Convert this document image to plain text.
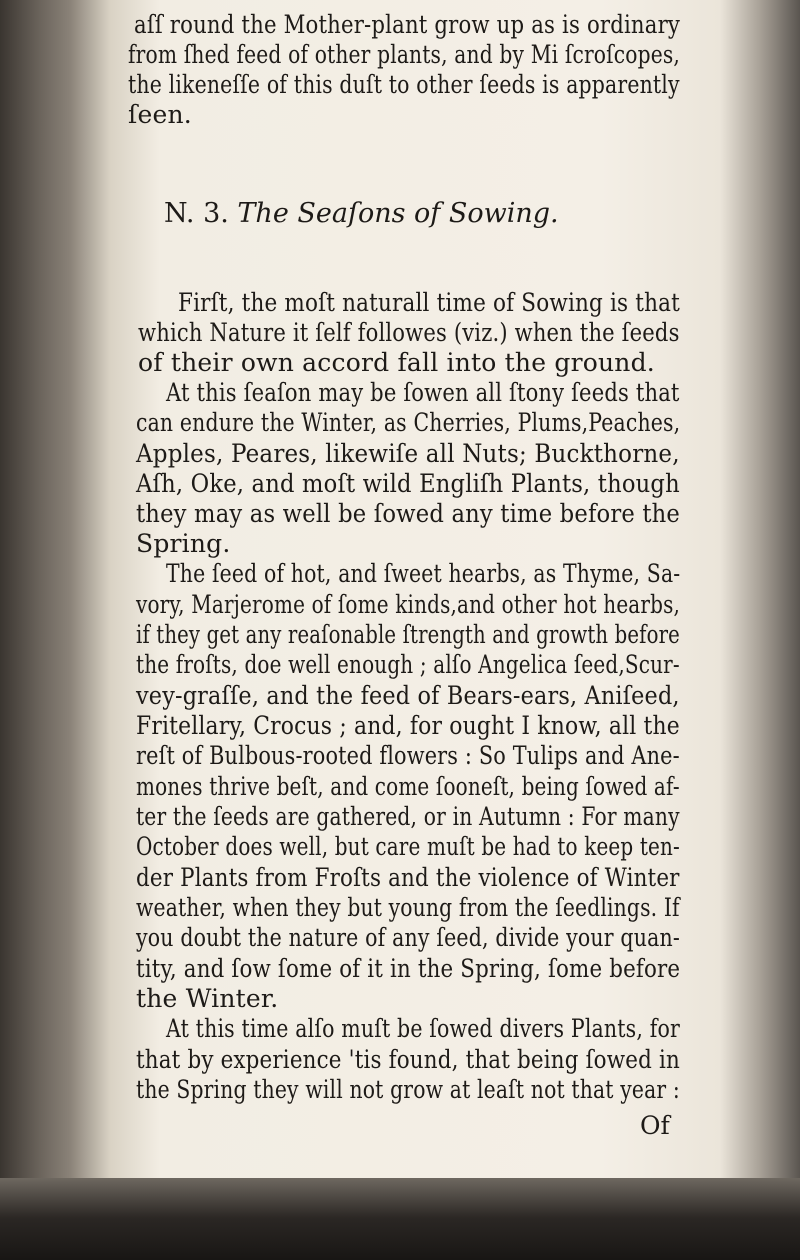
aſſ round the Mother-plant grow up as is ordinary
from ſhed feed of other plants, and by Mi ſcroſcopes,
the likeneſſe of this duſt to other ſeeds is apparently
ſeen.
N. 3. The Seaſons of Sowing.
Firſt, the moſt naturall time of Sowing is that
which Nature it ſelf followes (viz.) when the ſeeds
of their own accord fall into the ground.
At this ſeaſon may be ſowen all ſtony ſeeds that
can endure the Winter, as Cherries, Plums,Peaches,
Apples, Peares, likewiſe all Nuts; Buckthorne,
Aſh, Oke, and moſt wild Engliſh Plants, though
they may as well be ſowed any time before the
Spring.
The ſeed of hot, and ſweet hearbs, as Thyme, Sa-
vory, Marjerome of ſome kinds,and other hot hearbs,
if they get any reaſonable ſtrength and growth before
the froſts, doe well enough ; alſo Angelica ſeed,Scur-
vey-graſſe, and the feed of Bears-ears, Aniſeed,
Fritellary, Crocus ; and, for ought I know, all the
reſt of Bulbous-rooted flowers : So Tulips and Ane-
mones thrive beſt, and come ſooneſt, being ſowed af-
ter the ſeeds are gathered, or in Autumn : For many
October does well, but care muſt be had to keep ten-
der Plants from Froſts and the violence of Winter
weather, when they but young from the ſeedlings. If
you doubt the nature of any ſeed, divide your quan-
tity, and ſow ſome of it in the Spring, ſome before
the Winter.
At this time alſo muſt be ſowed divers Plants, for
that by experience 'tis found, that being ſowed in
the Spring they will not grow at leaſt not that year :
Of
